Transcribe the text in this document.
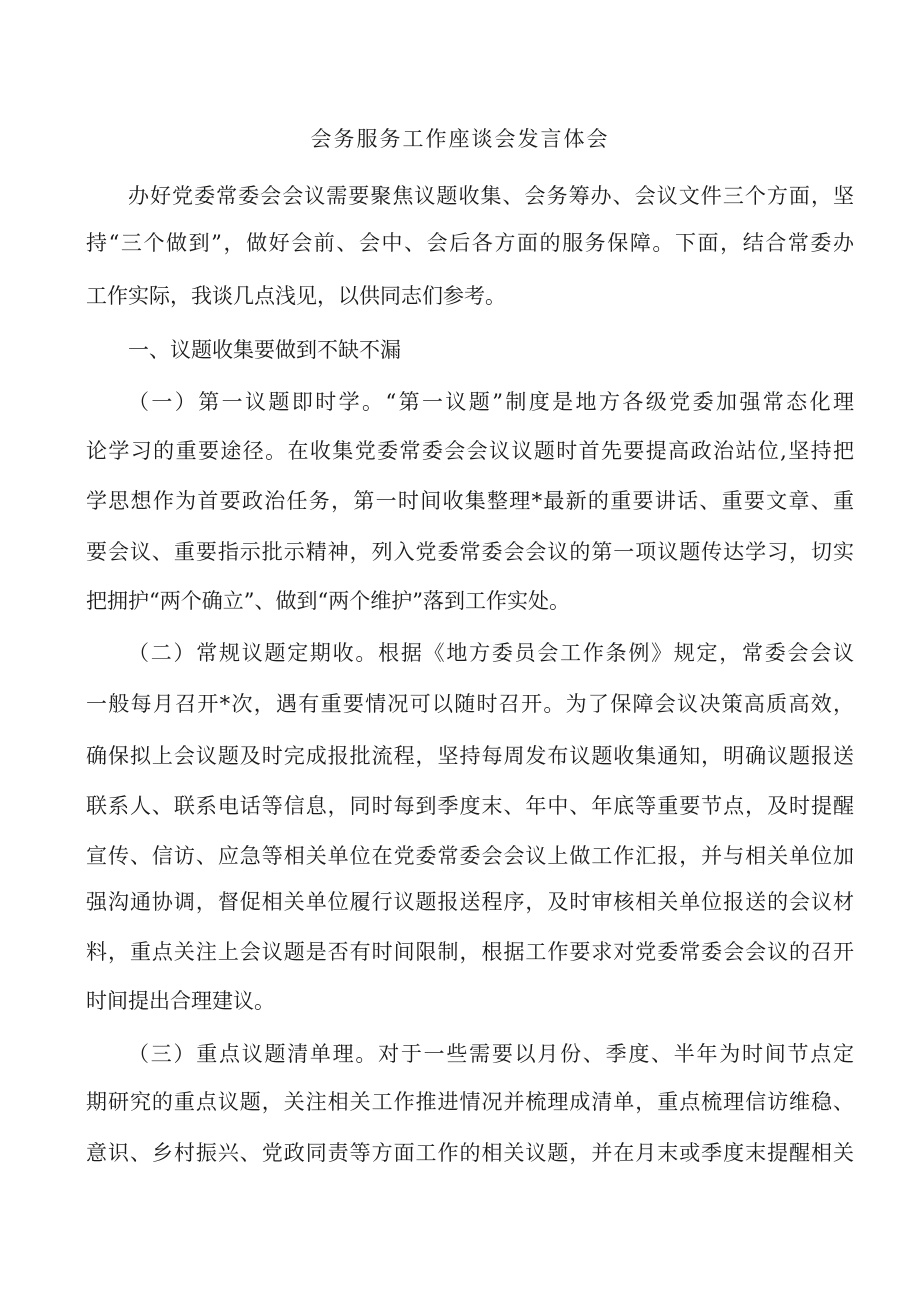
会务服务工作座谈会发言体会
办好党委常委会会议需要聚焦议题收集、会务筹办、会议文件三个方面，坚
持“三个做到”，做好会前、会中、会后各方面的服务保障。下面，结合常委办
工作实际，我谈几点浅见，以供同志们参考。
一、议题收集要做到不缺不漏
（一）第一议题即时学。“第一议题”制度是地方各级党委加强常态化理
论学习的重要途径。在收集党委常委会会议议题时首先要提高政治站位,坚持把
学思想作为首要政治任务，第一时间收集整理*最新的重要讲话、重要文章、重
要会议、重要指示批示精神，列入党委常委会会议的第一项议题传达学习，切实
把拥护“两个确立”、做到“两个维护”落到工作实处。
（二）常规议题定期收。根据《地方委员会工作条例》规定，常委会会议
一般每月召开*次，遇有重要情况可以随时召开。为了保障会议决策高质高效，
确保拟上会议题及时完成报批流程，坚持每周发布议题收集通知，明确议题报送
联系人、联系电话等信息，同时每到季度末、年中、年底等重要节点，及时提醒
宣传、信访、应急等相关单位在党委常委会会议上做工作汇报，并与相关单位加
强沟通协调，督促相关单位履行议题报送程序，及时审核相关单位报送的会议材
料，重点关注上会议题是否有时间限制，根据工作要求对党委常委会会议的召开
时间提出合理建议。
（三）重点议题清单理。对于一些需要以月份、季度、半年为时间节点定
期研究的重点议题，关注相关工作推进情况并梳理成清单，重点梳理信访维稳、
意识、乡村振兴、党政同责等方面工作的相关议题，并在月末或季度末提醒相关
